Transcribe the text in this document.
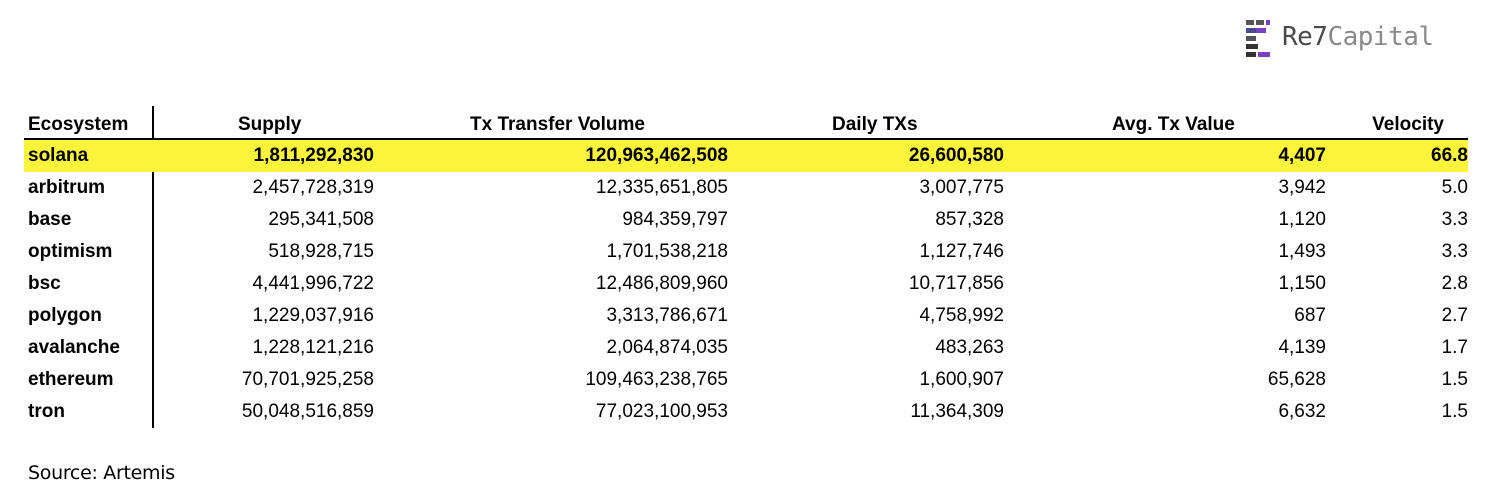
Re7Capital
Ecosystem	Supply	Tx Transfer Volume	Daily TXs	Avg. Tx Value	Velocity
solana	1,811,292,830	120,963,462,508	26,600,580	4,407	66.8
arbitrum	2,457,728,319	12,335,651,805	3,007,775	3,942	5.0
base	295,341,508	984,359,797	857,328	1,120	3.3
optimism	518,928,715	1,701,538,218	1,127,746	1,493	3.3
bsc	4,441,996,722	12,486,809,960	10,717,856	1,150	2.8
polygon	1,229,037,916	3,313,786,671	4,758,992	687	2.7
avalanche	1,228,121,216	2,064,874,035	483,263	4,139	1.7
ethereum	70,701,925,258	109,463,238,765	1,600,907	65,628	1.5
tron	50,048,516,859	77,023,100,953	11,364,309	6,632	1.5
Source: Artemis
